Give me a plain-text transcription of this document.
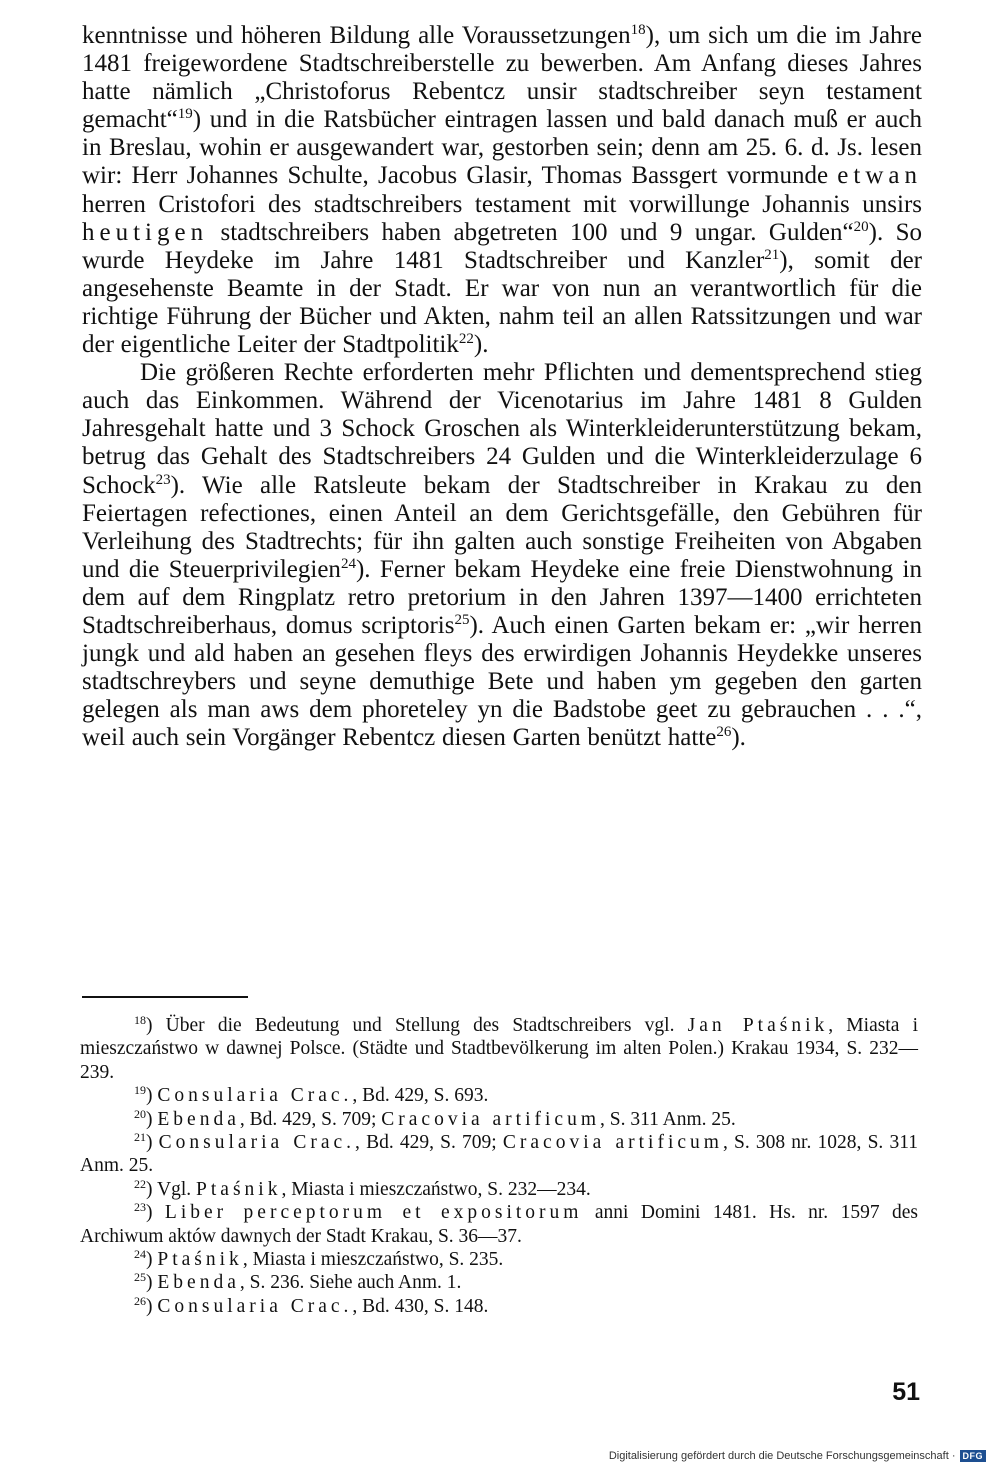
kenntnisse und höheren Bildung alle Voraussetzungen$^{18}$), um sich um die im Jahre 1481 freigewordene Stadtschreiberstelle zu bewerben. Am Anfang dieses Jahres hatte nämlich „Christoforus Rebentcz unsir stadtschreiber seyn testament gemacht“$^{19}$) und in die Ratsbücher eintragen lassen und bald danach muß er auch in Breslau, wohin er ausgewandert war, gestorben sein; denn am 25. 6. d. Js. lesen wir: Herr Johannes Schulte, Jacobus Glasir, Thomas Bassgert vormunde etwan herren Cristofori des stadtschreibers testament mit vorwillunge Johannis unsirs heutigen stadtschreibers haben abgetreten 100 und 9 ungar. Gulden“$^{20}$). So wurde Heydeke im Jahre 1481 Stadtschreiber und Kanzler$^{21}$), somit der angesehenste Beamte in der Stadt. Er war von nun an verantwortlich für die richtige Führung der Bücher und Akten, nahm teil an allen Ratssitzungen und war der eigentliche Leiter der Stadtpolitik$^{22}$).

Die größeren Rechte erforderten mehr Pflichten und dementsprechend stieg auch das Einkommen. Während der Vicenotarius im Jahre 1481 8 Gulden Jahresgehalt hatte und 3 Schock Groschen als Winterkleiderunterstützung bekam, betrug das Gehalt des Stadtschreibers 24 Gulden und die Winterkleiderzulage 6 Schock$^{23}$). Wie alle Ratsleute bekam der Stadtschreiber in Krakau zu den Feiertagen refectiones, einen Anteil an dem Gerichtsgefälle, den Gebühren für Verleihung des Stadtrechts; für ihn galten auch sonstige Freiheiten von Abgaben und die Steuerprivilegien$^{24}$). Ferner bekam Heydeke eine freie Dienstwohnung in dem auf dem Ringplatz retro pretorium in den Jahren 1397—1400 errichteten Stadtschreiberhaus, domus scriptoris$^{25}$). Auch einen Garten bekam er: „wir herren jungk und ald haben an gesehen fleys des erwirdigen Johannis Heydekke unseres stadtschreybers und seyne demuthige Bete und haben ym gegeben den garten gelegen als man aws dem phoreteley yn die Badstobe geet zu gebrauchen . . .“, weil auch sein Vorgänger Rebentcz diesen Garten benützt hatte$^{26}$).

$^{18}$) Über die Bedeutung und Stellung des Stadtschreibers vgl. Jan Ptaśnik, Miasta i mieszczaństwo w dawnej Polsce. (Städte und Stadtbevölkerung im alten Polen.) Krakau 1934, S. 232—239.

$^{19}$) Consularia Crac., Bd. 429, S. 693.

$^{20}$) Ebenda, Bd. 429, S. 709; Cracovia artificum, S. 311 Anm. 25.

$^{21}$) Consularia Crac., Bd. 429, S. 709; Cracovia artificum, S. 308 nr. 1028, S. 311 Anm. 25.

$^{22}$) Vgl. Ptaśnik, Miasta i mieszczaństwo, S. 232—234.

$^{23}$) Liber perceptorum et expositorum anni Domini 1481. Hs. nr. 1597 des Archiwum aktów dawnych der Stadt Krakau, S. 36—37.

$^{24}$) Ptaśnik, Miasta i mieszczaństwo, S. 235.

$^{25}$) Ebenda, S. 236. Siehe auch Anm. 1.

$^{26}$) Consularia Crac., Bd. 430, S. 148.

51
Digitalisierung gefördert durch die Deutsche Forschungsgemeinschaft · DFG
